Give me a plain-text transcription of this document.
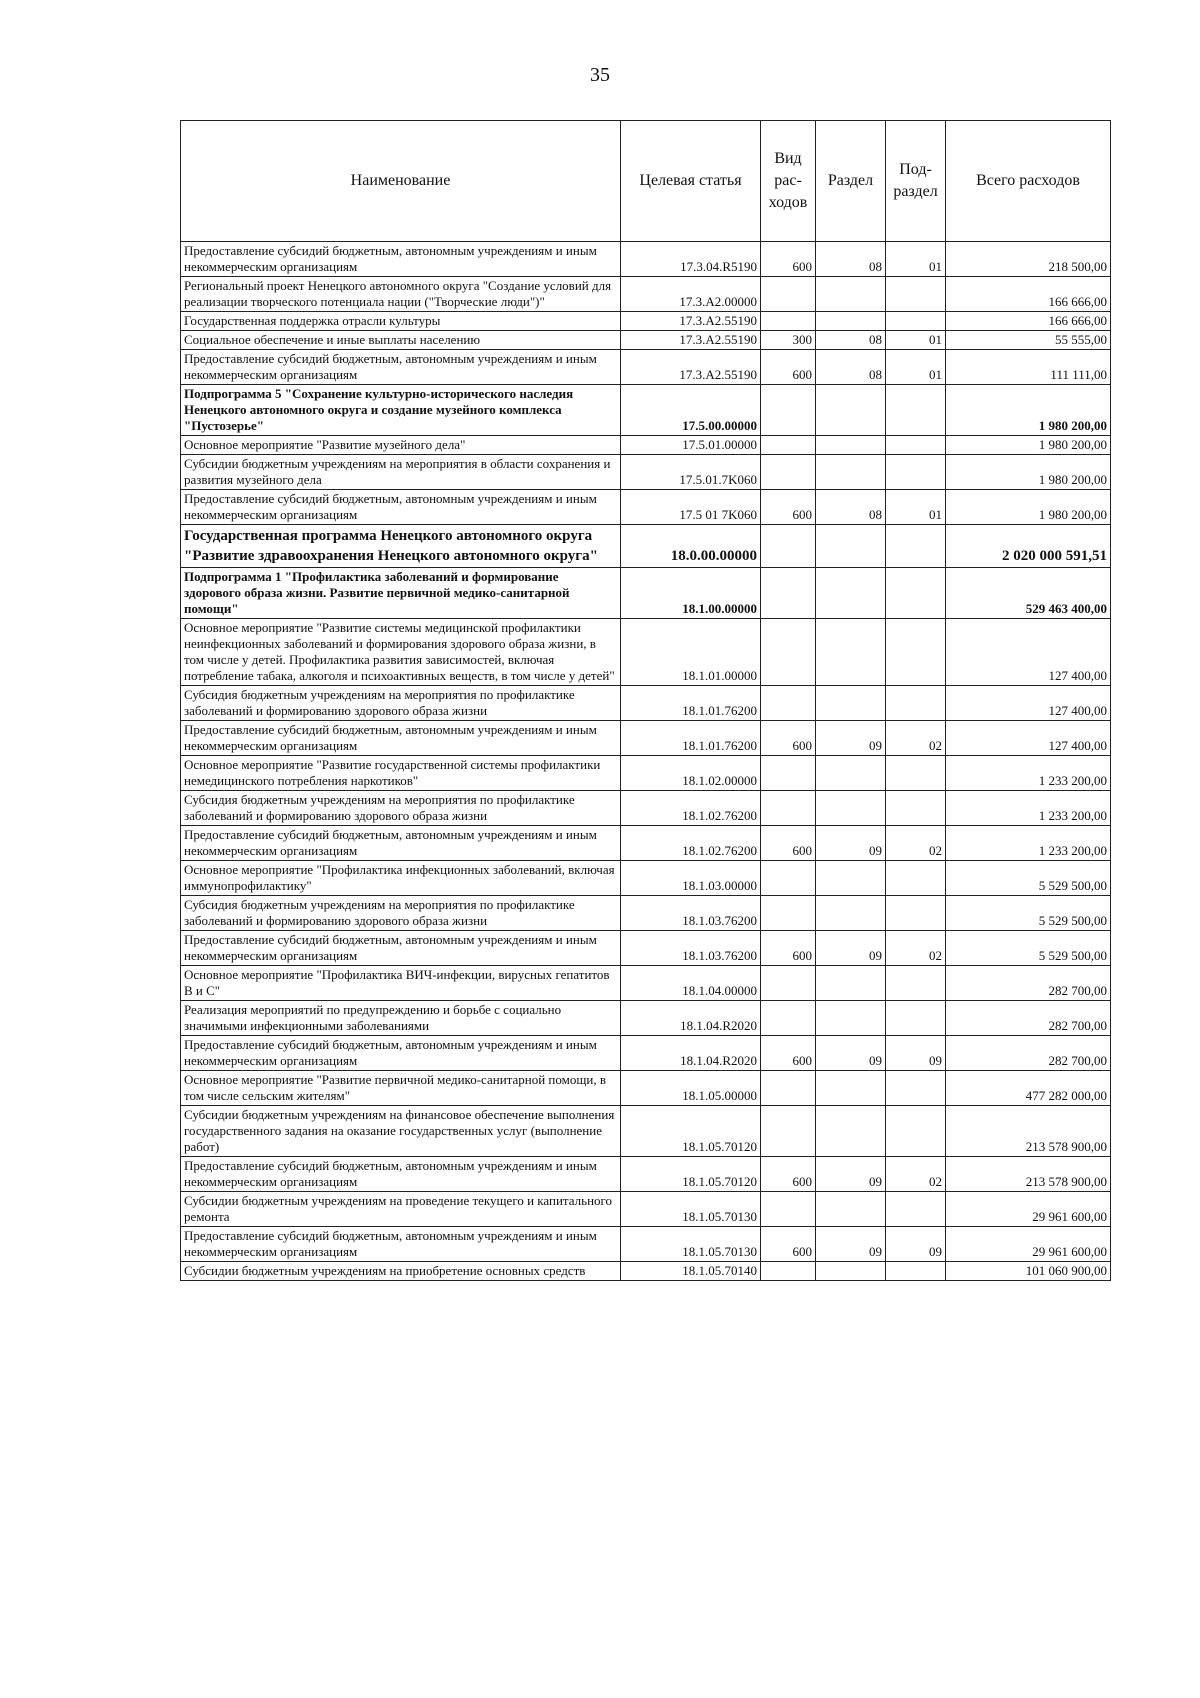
35
Наименование	Целевая статья	Вид рас-ходов	Раздел	Под-раздел	Всего расходов
Предоставление субсидий бюджетным, автономным учреждениям и иным некоммерческим организациям	17.3.04.R5190	600	08	01	218 500,00
Региональный проект Ненецкого автономного округа "Создание условий для реализации творческого потенциала нации ("Творческие люди")"	17.3.A2.00000				166 666,00
Государственная поддержка отрасли культуры	17.3.A2.55190				166 666,00
Социальное обеспечение и иные выплаты населению	17.3.A2.55190	300	08	01	55 555,00
Предоставление субсидий бюджетным, автономным учреждениям и иным некоммерческим организациям	17.3.A2.55190	600	08	01	111 111,00
Подпрограмма 5 "Сохранение культурно-исторического наследия Ненецкого автономного округа и создание музейного комплекса "Пустозерье"	17.5.00.00000				1 980 200,00
Основное мероприятие "Развитие музейного дела"	17.5.01.00000				1 980 200,00
Субсидии бюджетным учреждениям на мероприятия в области сохранения и развития музейного дела	17.5.01.7K060				1 980 200,00
Предоставление субсидий бюджетным, автономным учреждениям и иным некоммерческим организациям	17.5 01 7K060	600	08	01	1 980 200,00
Государственная программа Ненецкого автономного округа "Развитие здравоохранения Ненецкого автономного округа"	18.0.00.00000				2 020 000 591,51
Подпрограмма 1 "Профилактика заболеваний и формирование здорового образа жизни. Развитие первичной медико-санитарной помощи"	18.1.00.00000				529 463 400,00
Основное мероприятие "Развитие системы медицинской профилактики неинфекционных заболеваний и формирования здорового образа жизни, в том числе у детей. Профилактика развития зависимостей, включая потребление табака, алкоголя и психоактивных веществ, в том числе у детей"	18.1.01.00000				127 400,00
Субсидия бюджетным учреждениям на мероприятия по профилактике заболеваний и формированию здорового образа жизни	18.1.01.76200				127 400,00
Предоставление субсидий бюджетным, автономным учреждениям и иным некоммерческим организациям	18.1.01.76200	600	09	02	127 400,00
Основное мероприятие "Развитие государственной системы профилактики немедицинского потребления наркотиков"	18.1.02.00000				1 233 200,00
Субсидия бюджетным учреждениям на мероприятия по профилактике заболеваний и формированию здорового образа жизни	18.1.02.76200				1 233 200,00
Предоставление субсидий бюджетным, автономным учреждениям и иным некоммерческим организациям	18.1.02.76200	600	09	02	1 233 200,00
Основное мероприятие "Профилактика инфекционных заболеваний, включая иммунопрофилактику"	18.1.03.00000				5 529 500,00
Субсидия бюджетным учреждениям на мероприятия по профилактике заболеваний и формированию здорового образа жизни	18.1.03.76200				5 529 500,00
Предоставление субсидий бюджетным, автономным учреждениям и иным некоммерческим организациям	18.1.03.76200	600	09	02	5 529 500,00
Основное мероприятие "Профилактика ВИЧ-инфекции, вирусных гепатитов B и C"	18.1.04.00000				282 700,00
Реализация мероприятий по предупреждению и борьбе с социально значимыми инфекционными заболеваниями	18.1.04.R2020				282 700,00
Предоставление субсидий бюджетным, автономным учреждениям и иным некоммерческим организациям	18.1.04.R2020	600	09	09	282 700,00
Основное мероприятие "Развитие первичной медико-санитарной помощи, в том числе сельским жителям"	18.1.05.00000				477 282 000,00
Субсидии бюджетным учреждениям на финансовое обеспечение выполнения государственного задания на оказание государственных услуг (выполнение работ)	18.1.05.70120				213 578 900,00
Предоставление субсидий бюджетным, автономным учреждениям и иным некоммерческим организациям	18.1.05.70120	600	09	02	213 578 900,00
Субсидии бюджетным учреждениям на проведение текущего и капитального ремонта	18.1.05.70130				29 961 600,00
Предоставление субсидий бюджетным, автономным учреждениям и иным некоммерческим организациям	18.1.05.70130	600	09	09	29 961 600,00
Субсидии бюджетным учреждениям на приобретение основных средств	18.1.05.70140				101 060 900,00
